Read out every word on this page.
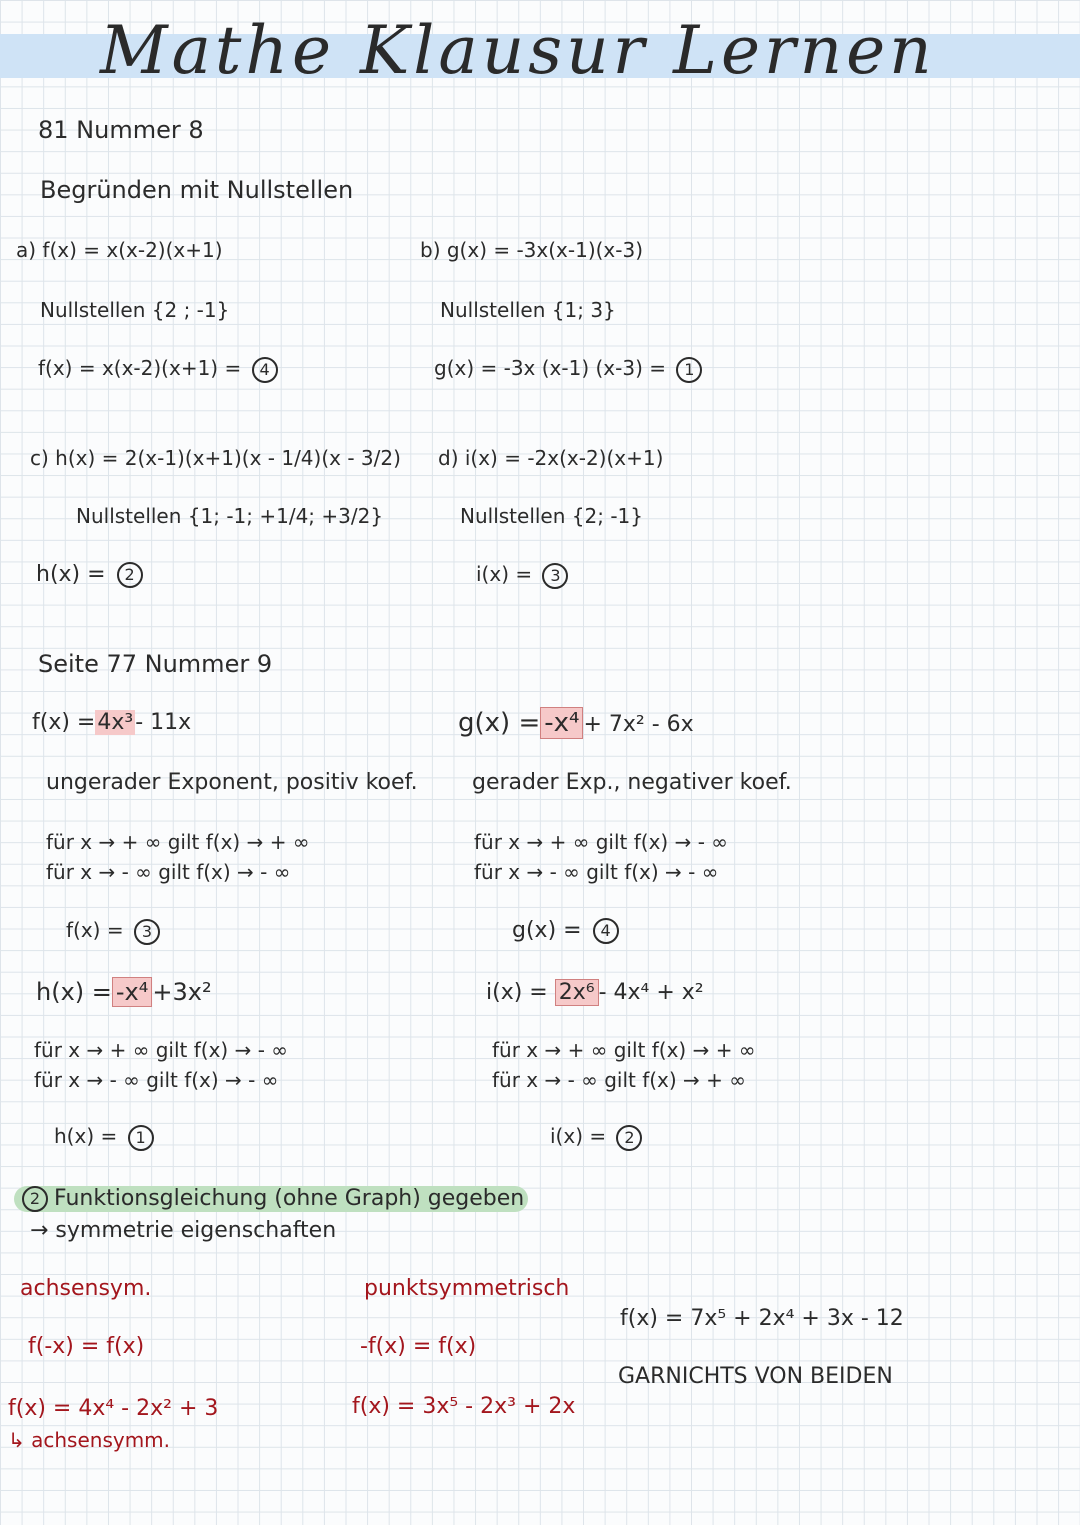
Mathe Klausur Lernen
81 Nummer 8
Begründen mit Nullstellen
a) f(x) = x(x-2)(x+1)
Nullstellen {2 ; -1}
f(x) = x(x-2)(x+1) = 4
b) g(x) = -3x(x-1)(x-3)
Nullstellen {1; 3}
g(x) = -3x (x-1) (x-3) = 1
c) h(x) = 2(x-1)(x+1)(x - 1/4)(x - 3/2)
Nullstellen {1; -1; +1/4; +3/2}
h(x) = 2
d) i(x) = -2x(x-2)(x+1)
Nullstellen {2; -1}
i(x) = 3
Seite 77 Nummer 9
f(x) =4x³- 11x
ungerader Exponent, positiv koef.
für x → + ∞ gilt f(x) → + ∞
für x → - ∞ gilt f(x) → - ∞
f(x) = 3
g(x) = -x⁴ + 7x² - 6x
gerader Exp., negativer koef.
für x → + ∞ gilt f(x) → - ∞
für x → - ∞ gilt f(x) → - ∞
g(x) = 4
h(x) = -x⁴ +3x²
für x → + ∞ gilt f(x) → - ∞
für x → - ∞ gilt f(x) → - ∞
h(x) = 1
i(x) = 2x⁶ - 4x⁴ + x²
für x → + ∞ gilt f(x) → + ∞
für x → - ∞ gilt f(x) → + ∞
i(x) = 2
2 Funktionsgleichung (ohne Graph) gegeben
→ symmetrie eigenschaften
achsensym.
f(-x) = f(x)
f(x) = 4x⁴ - 2x² + 3
↳ achsensymm.
punktsymmetrisch
-f(x) = f(x)
f(x) = 3x⁵ - 2x³ + 2x
f(x) = 7x⁵ + 2x⁴ + 3x - 12
GARNICHTS VON BEIDEN
